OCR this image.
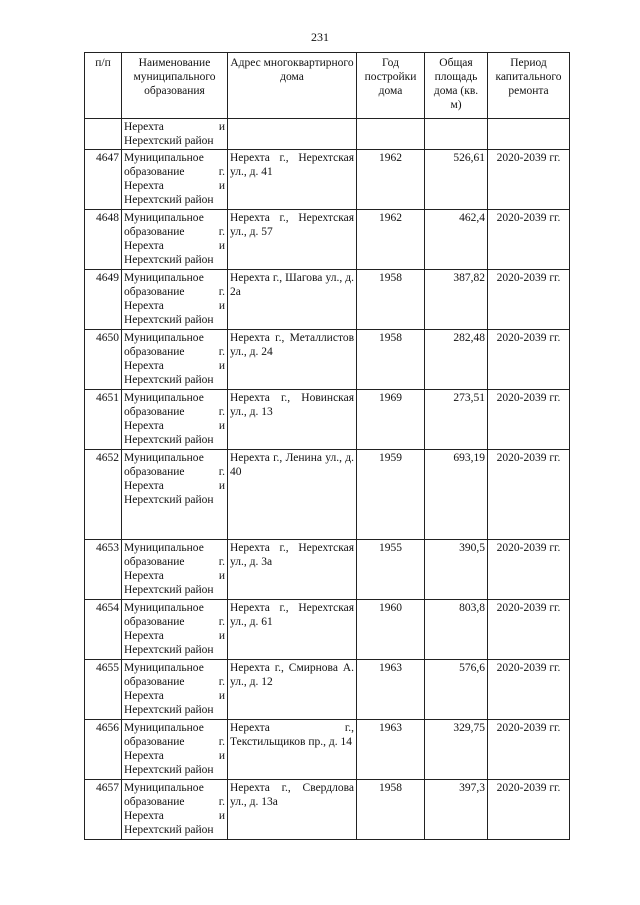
231
п/п	Наименование муниципального образования	Адрес многоквартирного дома	Год постройки дома	Общая площадь дома (кв. м)	Период капитального ремонта
	Нерехта и Нерехтский район				
4647	Муниципальное образование г. Нерехта и Нерехтский район	Нерехта г., Нерехтская ул., д. 41	1962	526,61	2020-2039 гг.
4648	Муниципальное образование г. Нерехта и Нерехтский район	Нерехта г., Нерехтская ул., д. 57	1962	462,4	2020-2039 гг.
4649	Муниципальное образование г. Нерехта и Нерехтский район	Нерехта г., Шагова ул., д. 2а	1958	387,82	2020-2039 гг.
4650	Муниципальное образование г. Нерехта и Нерехтский район	Нерехта г., Металлистов ул., д. 24	1958	282,48	2020-2039 гг.
4651	Муниципальное образование г. Нерехта и Нерехтский район	Нерехта г., Новинская ул., д. 13	1969	273,51	2020-2039 гг.
4652	Муниципальное образование г. Нерехта и Нерехтский район	Нерехта г., Ленина ул., д. 40	1959	693,19	2020-2039 гг.
4653	Муниципальное образование г. Нерехта и Нерехтский район	Нерехта г., Нерехтская ул., д. 3а	1955	390,5	2020-2039 гг.
4654	Муниципальное образование г. Нерехта и Нерехтский район	Нерехта г., Нерехтская ул., д. 61	1960	803,8	2020-2039 гг.
4655	Муниципальное образование г. Нерехта и Нерехтский район	Нерехта г., Смирнова А. ул., д. 12	1963	576,6	2020-2039 гг.
4656	Муниципальное образование г. Нерехта и Нерехтский район	Нерехта г., Текстильщиков пр., д. 14	1963	329,75	2020-2039 гг.
4657	Муниципальное образование г. Нерехта и Нерехтский район	Нерехта г., Свердлова ул., д. 13а	1958	397,3	2020-2039 гг.
